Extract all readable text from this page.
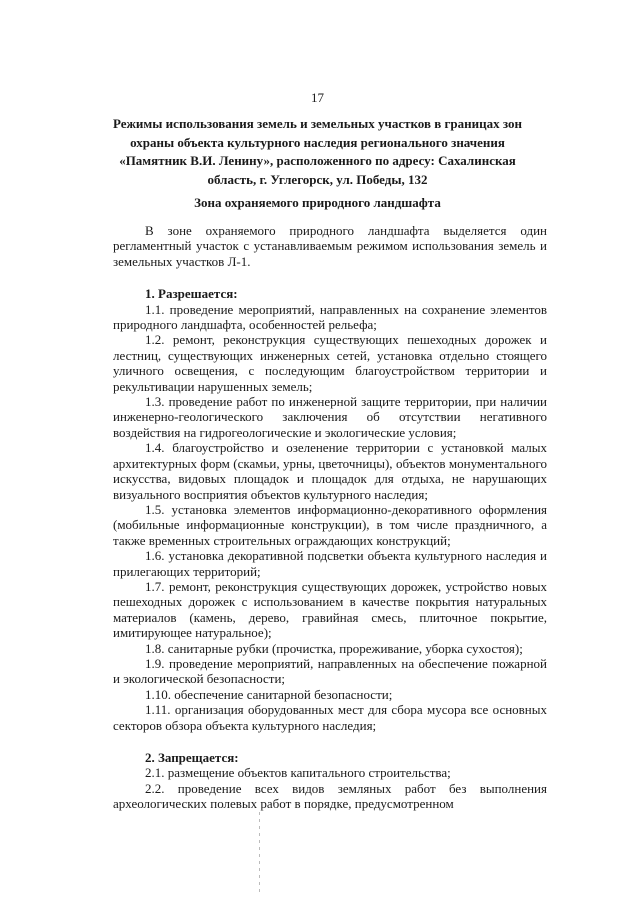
17
Режимы использования земель и земельных участков в границах зон охраны объекта культурного наследия регионального значения «Памятник В.И. Ленину», расположенного по адресу: Сахалинская область, г. Углегорск, ул. Победы, 132
Зона охраняемого природного ландшафта

В зоне охраняемого природного ландшафта выделяется один регламентный участок с устанавливаемым режимом использования земель и земельных участков Л-1.

1. Разрешается:

1.1. проведение мероприятий, направленных на сохранение элементов природного ландшафта, особенностей рельефа;

1.2. ремонт, реконструкция существующих пешеходных дорожек и лестниц, существующих инженерных сетей, установка отдельно стоящего уличного освещения, с последующим благоустройством территории и рекультивации нарушенных земель;

1.3. проведение работ по инженерной защите территории, при наличии инженерно-геологического заключения об отсутствии негативного воздействия на гидрогеологические и экологические условия;

1.4. благоустройство и озеленение территории с установкой малых архитектурных форм (скамьи, урны, цветочницы), объектов монументального искусства, видовых площадок и площадок для отдыха, не нарушающих визуального восприятия объектов культурного наследия;

1.5. установка элементов информационно-декоративного оформления (мобильные информационные конструкции), в том числе праздничного, а также временных строительных ограждающих конструкций;

1.6. установка декоративной подсветки объекта культурного наследия и прилегающих территорий;

1.7. ремонт, реконструкция существующих дорожек, устройство новых пешеходных дорожек с использованием в качестве покрытия натуральных материалов (камень, дерево, гравийная смесь, плиточное покрытие, имитирующее натуральное);

1.8. санитарные рубки (прочистка, прореживание, уборка сухостоя);

1.9. проведение мероприятий, направленных на обеспечение пожарной и экологической безопасности;

1.10. обеспечение санитарной безопасности;

1.11. организация оборудованных мест для сбора мусора все основных секторов обзора объекта культурного наследия;

2. Запрещается:

2.1. размещение объектов капитального строительства;

2.2. проведение всех видов земляных работ без выполнения археологических полевых работ в порядке, предусмотренном
